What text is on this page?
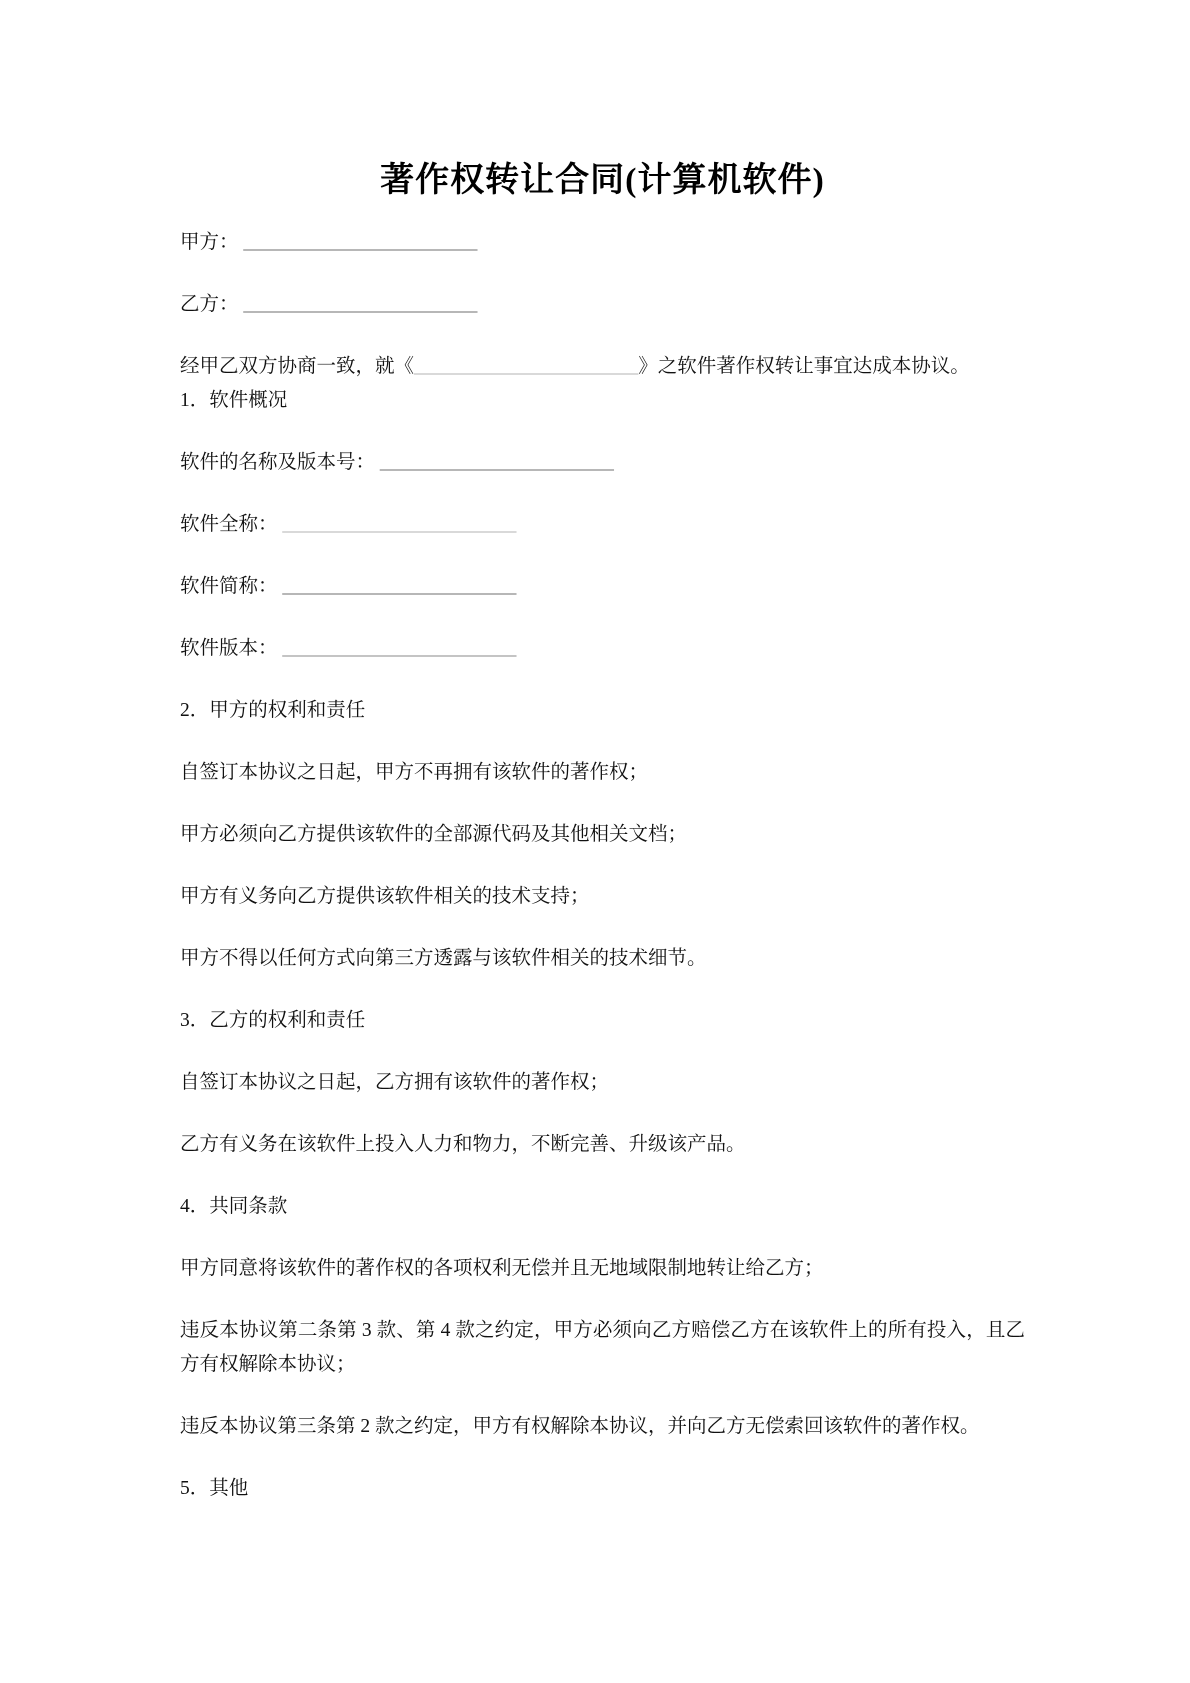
著作权转让合同(计算机软件)

甲方： ________________________

乙方： ________________________

经甲乙双方协商一致，就《_______________________》之软件著作权转让事宜达成本协议。

1．软件概况

软件的名称及版本号： ________________________

软件全称： ________________________

软件简称： ________________________

软件版本： ________________________

2．甲方的权利和责任

自签订本协议之日起，甲方不再拥有该软件的著作权；

甲方必须向乙方提供该软件的全部源代码及其他相关文档；

甲方有义务向乙方提供该软件相关的技术支持；

甲方不得以任何方式向第三方透露与该软件相关的技术细节。

3．乙方的权利和责任

自签订本协议之日起，乙方拥有该软件的著作权；

乙方有义务在该软件上投入人力和物力，不断完善、升级该产品。

4．共同条款

甲方同意将该软件的著作权的各项权利无偿并且无地域限制地转让给乙方；

违反本协议第二条第 3 款、第 4 款之约定，甲方必须向乙方赔偿乙方在该软件上的所有投入，且乙方有权解除本协议；

违反本协议第三条第 2 款之约定，甲方有权解除本协议，并向乙方无偿索回该软件的著作权。

5．其他
